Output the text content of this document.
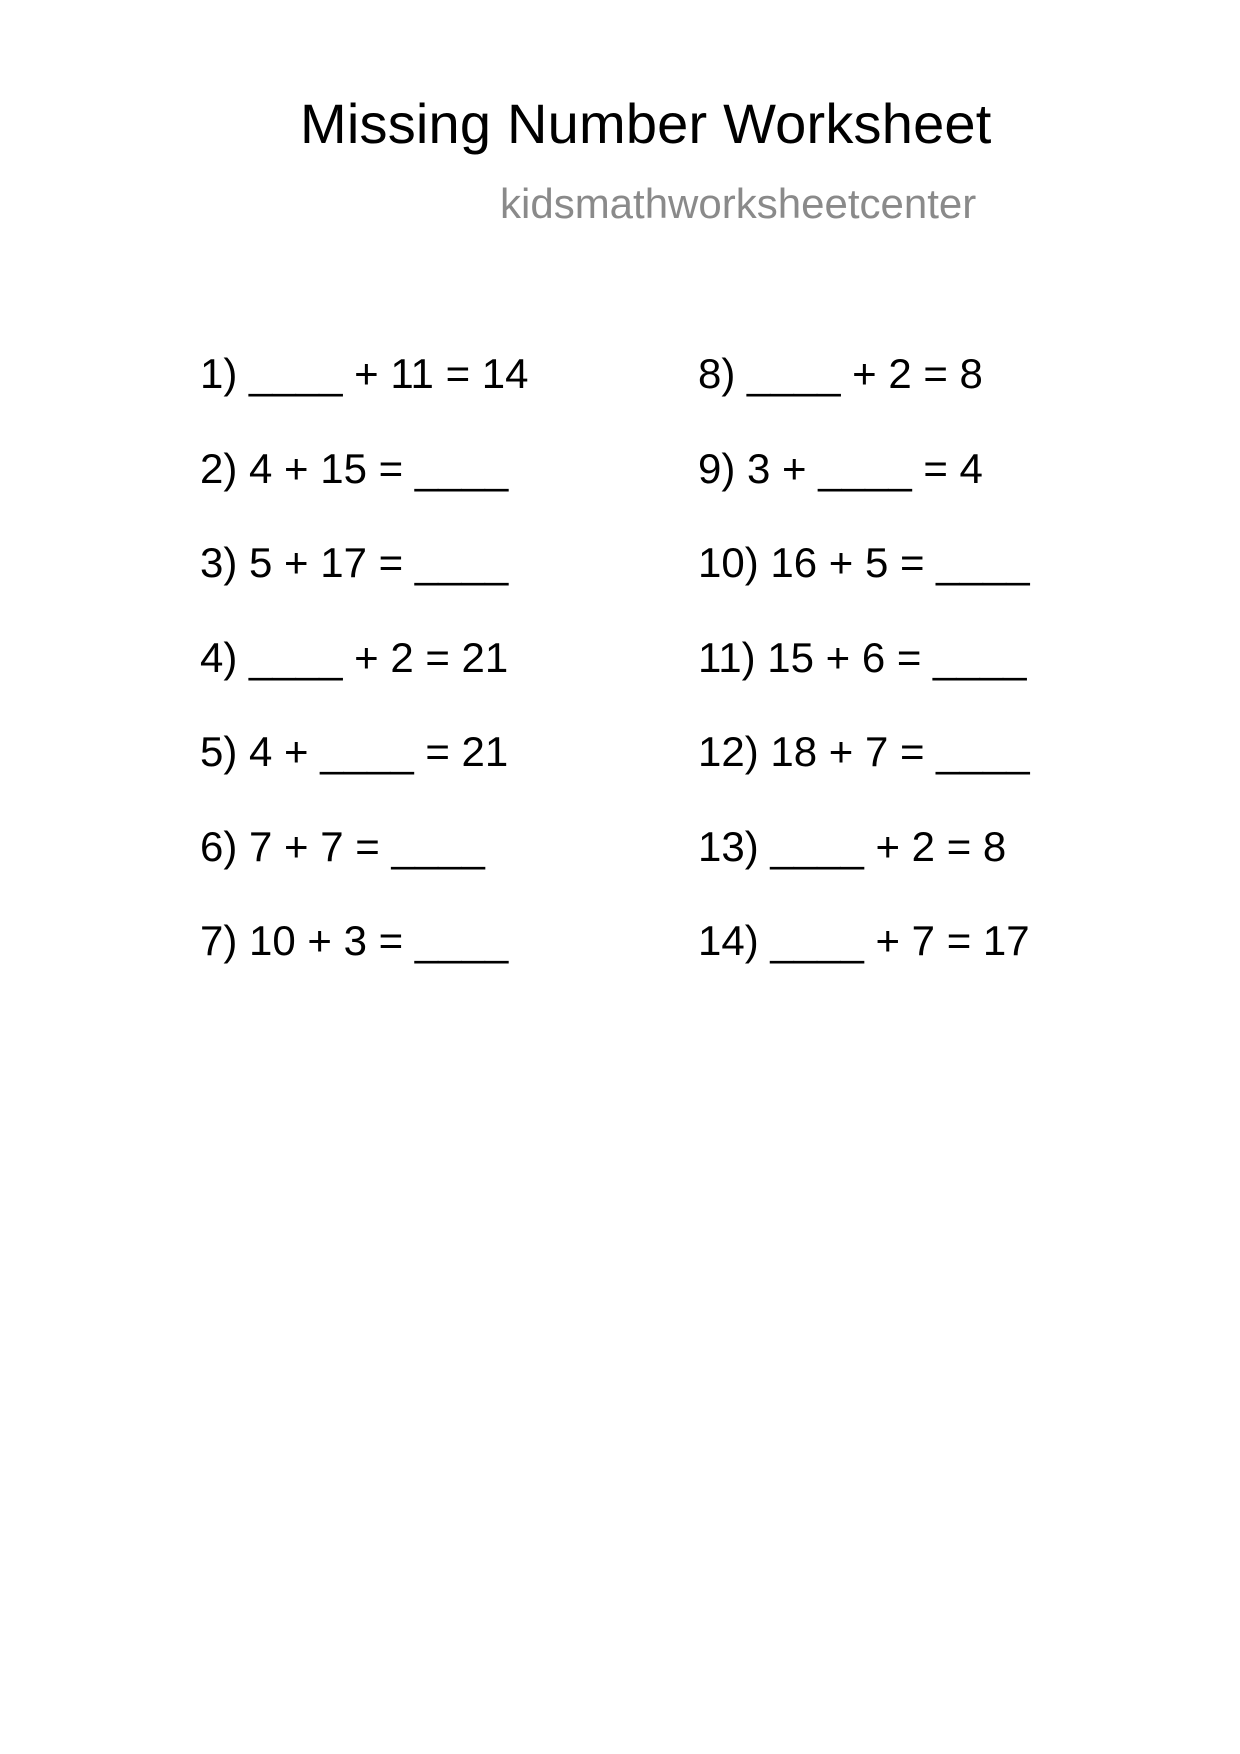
Missing Number Worksheet
kidsmathworksheetcenter
1) ____ + 11 = 14
2) 4 + 15 = ____
3) 5 + 17 = ____
4) ____ + 2 = 21
5) 4 + ____ = 21
6) 7 + 7 = ____
7) 10 + 3 = ____
8) ____ + 2 = 8
9) 3 + ____ = 4
10) 16 + 5 = ____
11) 15 + 6 = ____
12) 18 + 7 = ____
13) ____ + 2 = 8
14) ____ + 7 = 17
